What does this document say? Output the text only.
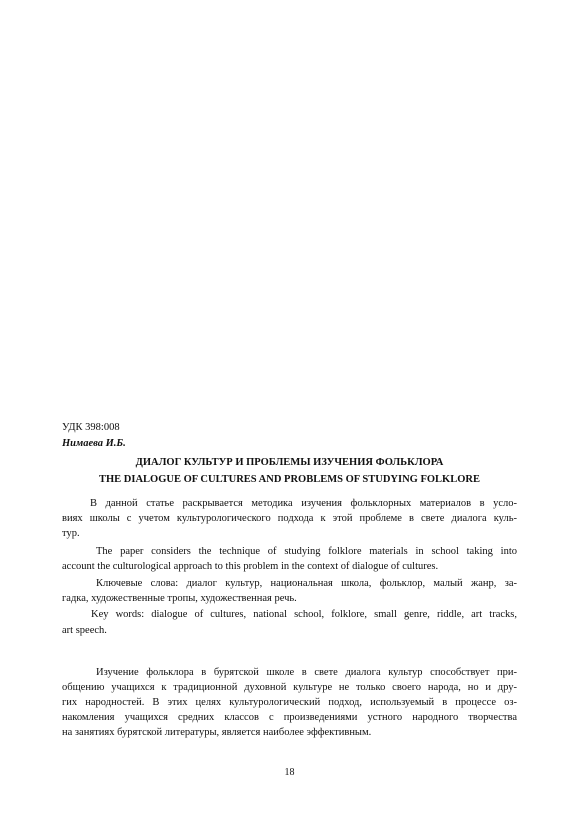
УДК 398:008
Нимаева И.Б.
ДИАЛОГ КУЛЬТУР И ПРОБЛЕМЫ ИЗУЧЕНИЯ ФОЛЬКЛОРА
THE DIALOGUE OF CULTURES AND PROBLEMS OF STUDYING FOLKLORE
В данной статье раскрывается методика изучения фольклорных материалов в усло-
виях школы с учетом культурологического подхода к этой проблеме в свете диалога куль-
тур.
The paper considers the technique of studying folklore materials in school taking into
account the culturological approach to this problem in the context of dialogue of cultures.
Ключевые слова: диалог культур, национальная школа, фольклор, малый жанр, за-
гадка, художественные тропы, художественная речь.
Key words: dialogue of cultures, national school, folklore, small genre, riddle, art tracks,
art speech.
Изучение фольклора в бурятской школе в свете диалога культур способствует при-
общению учащихся к традиционной духовной культуре не только своего народа, но и дру-
гих народностей. В этих целях культурологический подход, используемый в процессе оз-
накомления учащихся средних классов с произведениями устного народного творчества
на занятиях бурятской литературы, является наиболее эффективным.
18
